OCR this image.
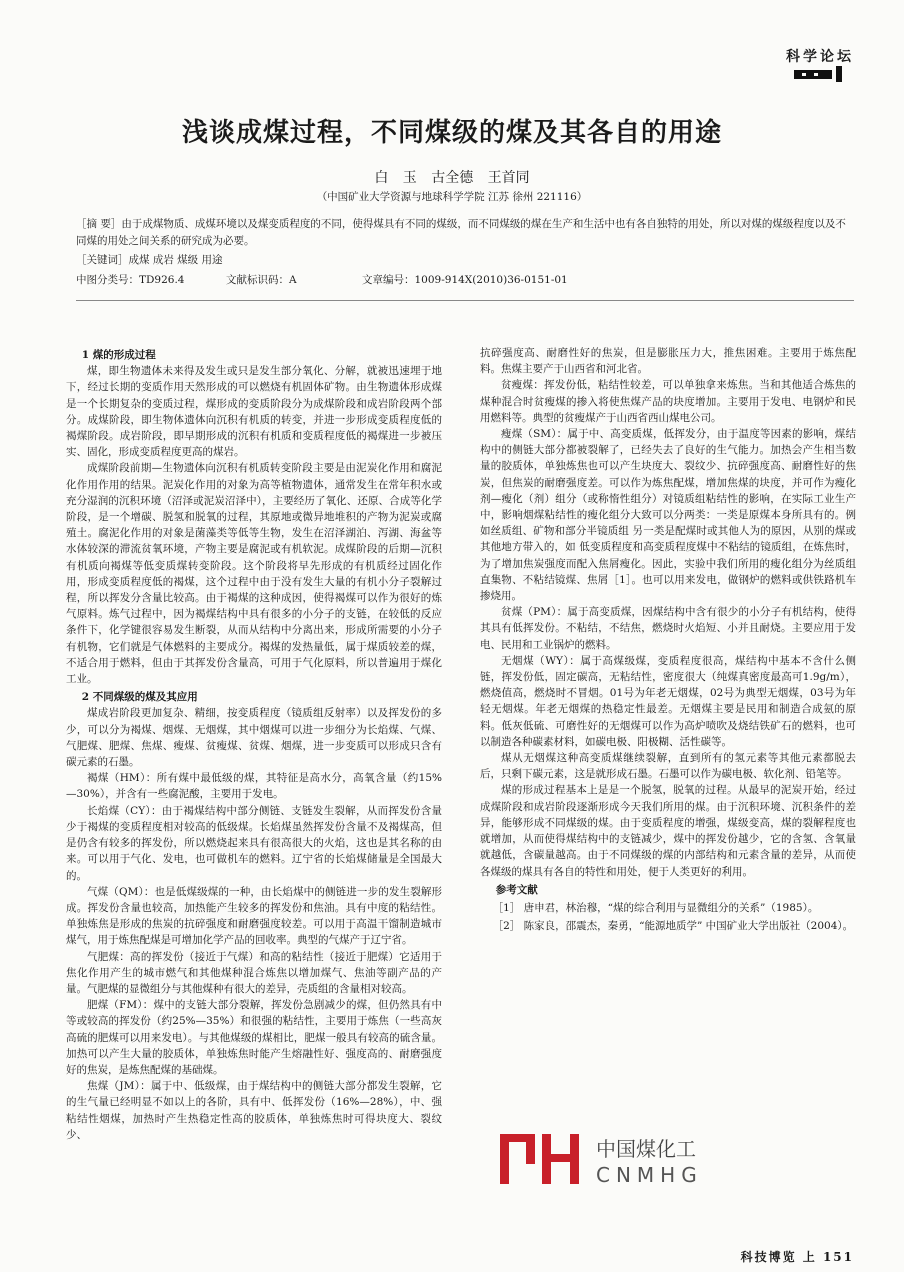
科学论坛
浅谈成煤过程，不同煤级的煤及其各自的用途
白 玉 古全德 王首同
（中国矿业大学资源与地球科学学院 江苏 徐州 221116）
［摘 要］由于成煤物质、成煤环境以及煤变质程度的不同，使得煤具有不同的煤级，而不同煤级的煤在生产和生活中也有各自独特的用处，所以对煤的煤级程度以及不同煤的用处之间关系的研究成为必要。
［关键词］成煤 成岩 煤级 用途
中图分类号：TD926.4	文献标识码：A	文章编号：1009-914X(2010)36-0151-01
1 煤的形成过程

煤，即生物遗体未来得及发生或只是发生部分氧化、分解，就被迅速埋于地下，经过长期的变质作用天然形成的可以燃烧有机固体矿物。由生物遗体形成煤是一个长期复杂的变质过程，煤形成的变质阶段分为成煤阶段和成岩阶段两个部分。成煤阶段，即生物体遗体向沉积有机质的转变，并进一步形成变质程度低的褐煤阶段。成岩阶段，即早期形成的沉积有机质和变质程度低的褐煤进一步被压实、固化，形成变质程度更高的煤岩。

成煤阶段前期—生物遗体向沉积有机质转变阶段主要是由泥炭化作用和腐泥化作用作用的结果。泥炭化作用的对象为高等植物遗体，通常发生在常年积水或充分湿润的沉积环境（沼泽或泥炭沼泽中），主要经历了氧化、还原、合成等化学阶段，是一个增碳、脱氢和脱氧的过程，其原地或微异地堆积的产物为泥炭或腐殖土。腐泥化作用的对象是菌藻类等低等生物，发生在沼泽湖泊、泻湖、海盆等水体较深的滞流贫氧环境，产物主要是腐泥或有机软泥。成煤阶段的后期—沉积有机质向褐煤等低变质煤转变阶段。这个阶段将早先形成的有机质经过固化作用，形成变质程度低的褐煤，这个过程中由于没有发生大量的有机小分子裂解过程，所以挥发分含量比较高。由于褐煤的这种成因，使得褐煤可以作为很好的炼气原料。炼气过程中，因为褐煤结构中具有很多的小分子的支链，在较低的反应条件下，化学键很容易发生断裂，从而从结构中分离出来，形成所需要的小分子有机物，它们就是气体燃料的主要成分。褐煤的发热量低，属于煤质较差的煤，不适合用于燃料，但由于其挥发份含量高，可用于气化原料，所以普遍用于煤化工业。

2 不同煤级的煤及其应用

煤成岩阶段更加复杂、精细，按变质程度（镜质组反射率）以及挥发份的多少，可以分为褐煤、烟煤、无烟煤，其中烟煤可以进一步细分为长焰煤、气煤、气肥煤、肥煤、焦煤、瘦煤、贫瘦煤、贫煤、烟煤，进一步变质可以形成只含有碳元素的石墨。

褐煤（HM）：所有煤中最低级的煤，其特征是高水分，高氧含量（约15% —30%），并含有一些腐泥酸，主要用于发电。

长焰煤（CY）：由于褐煤结构中部分侧链、支链发生裂解，从而挥发份含量少于褐煤的变质程度相对较高的低级煤。长焰煤虽然挥发份含量不及褐煤高，但是仍含有较多的挥发份，所以燃烧起来具有很高很大的火焰，这也是其名称的由来。可以用于气化、发电，也可做机车的燃料。辽宁省的长焰煤储量是全国最大的。

气煤（QM）：也是低煤级煤的一种，由长焰煤中的侧链进一步的发生裂解形成。挥发份含量也较高，加热能产生较多的挥发份和焦油。具有中度的粘结性。单独炼焦是形成的焦炭的抗碎强度和耐磨强度较差。可以用于高温干馏制造城市煤气，用于炼焦配煤是可增加化学产品的回收率。典型的气煤产于辽宁省。

气肥煤：高的挥发份（接近于气煤）和高的粘结性（接近于肥煤）它适用于焦化作用产生的城市燃气和其他煤种混合炼焦以增加煤气、焦油等副产品的产量。气肥煤的显微组分与其他煤种有很大的差异，壳质组的含量相对较高。

肥煤（FM）：煤中的支链大部分裂解，挥发份急剧减少的煤，但仍然具有中等或较高的挥发份（约25%—35%）和很强的粘结性，主要用于炼焦（一些高灰高硫的肥煤可以用来发电）。与其他煤级的煤相比，肥煤一般具有较高的硫含量。加热可以产生大量的胶质体，单独炼焦时能产生熔融性好、强度高的、耐磨强度好的焦炭，是炼焦配煤的基础煤。

焦煤（JM）：属于中、低级煤，由于煤结构中的侧链大部分都发生裂解，它的生气量已经明显不如以上的各阶，具有中、低挥发份（16%—28%），中、强粘结性烟煤，加热时产生热稳定性高的胶质体，单独炼焦时可得块度大、裂纹少、

抗碎强度高、耐磨性好的焦炭，但是膨胀压力大，推焦困难。主要用于炼焦配料。焦煤主要产于山西省和河北省。

贫瘦煤：挥发份低，粘结性较差，可以单独拿来炼焦。当和其他适合炼焦的煤种混合时贫瘦煤的掺入将使焦煤产品的块度增加。主要用于发电、电钢炉和民用燃料等。典型的贫瘦煤产于山西省西山煤电公司。

瘦煤（SM）：属于中、高变质煤，低挥发分，由于温度等因素的影响，煤结构中的侧链大部分都被裂解了，已经失去了良好的生气能力。加热会产生相当数量的胶质体，单独炼焦也可以产生块度大、裂纹少、抗碎强度高、耐磨性好的焦炭，但焦炭的耐磨强度差。可以作为炼焦配煤，增加焦煤的块度，并可作为瘦化剂—瘦化（剂）组分（或称惰性组分）对镜质组粘结性的影响，在实际工业生产中，影响烟煤粘结性的瘦化组分大致可以分两类：一类是原煤本身所具有的。例如丝质组、矿物和部分半镜质组 另一类是配煤时或其他人为的原因，从别的煤或其他地方带入的，如 低变质程度和高变质程度煤中不粘结的镜质组，在炼焦时，为了增加焦炭强度而配入焦屑瘦化。因此，实验中我们所用的瘦化组分为丝质组直集物、不粘结镜煤、焦屑［1］。也可以用来发电，做钢炉的燃料或供铁路机车掺烧用。

贫煤（PM）：属于高变质煤，因煤结构中含有很少的小分子有机结构，使得其具有低挥发份。不粘结，不结焦，燃烧时火焰短、小并且耐烧。主要应用于发电、民用和工业锅炉的燃料。

无烟煤（WY）：属于高煤级煤，变质程度很高，煤结构中基本不含什么侧链，挥发份低，固定碳高，无粘结性，密度很大（纯煤真密度最高可1.9g/m），燃烧值高，燃烧时不冒烟。01号为年老无烟煤，02号为典型无烟煤，03号为年轻无烟煤。年老无烟煤的热稳定性最差。无烟煤主要是民用和制造合成氨的原料。低灰低硫、可磨性好的无烟煤可以作为高炉喷吹及烧结铁矿石的燃料，也可以制造各种碳素材料，如碳电极、阳极糊、活性碳等。

煤从无烟煤这种高变质煤继续裂解，直到所有的氢元素等其他元素都脱去后，只剩下碳元素，这是就形成石墨。石墨可以作为碳电极、软化剂、铅笔等。

煤的形成过程基本上是是一个脱氢，脱氧的过程。从最早的泥炭开始，经过成煤阶段和成岩阶段逐渐形成今天我们所用的煤。由于沉积环境、沉积条件的差异，能够形成不同煤级的煤。由于变质程度的增强，煤级变高，煤的裂解程度也就增加，从而使得煤结构中的支链减少，煤中的挥发份越少，它的含氢、含氧量就越低，含碳量越高。由于不同煤级的煤的内部结构和元素含量的差异，从而使各煤级的煤具有各自的特性和用处，便于人类更好的利用。

参考文献

［1］ 唐申君，林治穆，“煤的综合利用与显微组分的关系”（1985）。

［2］ 陈家良，邵震杰，秦勇，“能源地质学” 中国矿业大学出版社（2004）。

中国煤化工
CNMHG
科技博览 上 151
